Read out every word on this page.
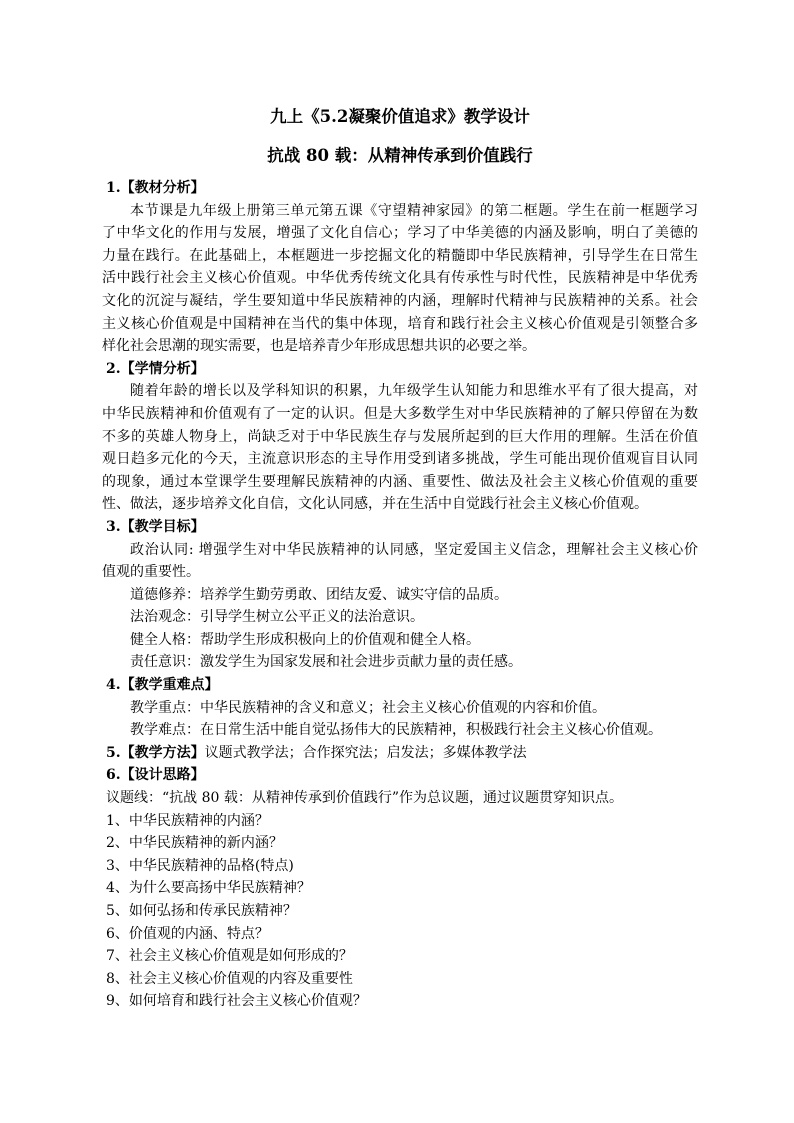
九上《5.2凝聚价值追求》教学设计
抗战 80 载：从精神传承到价值践行
1.【教材分析】
本节课是九年级上册第三单元第五课《守望精神家园》的第二框题。学生在前一框题学习
了中华文化的作用与发展，增强了文化自信心；学习了中华美德的内涵及影响，明白了美德的
力量在践行。在此基础上，本框题进一步挖掘文化的精髓即中华民族精神，引导学生在日常生
活中践行社会主义核心价值观。中华优秀传统文化具有传承性与时代性，民族精神是中华优秀
文化的沉淀与凝结，学生要知道中华民族精神的内涵，理解时代精神与民族精神的关系。社会
主义核心价值观是中国精神在当代的集中体现，培育和践行社会主义核心价值观是引领整合多
样化社会思潮的现实需要，也是培养青少年形成思想共识的必要之举。
2.【学情分析】
随着年龄的增长以及学科知识的积累，九年级学生认知能力和思维水平有了很大提高，对
中华民族精神和价值观有了一定的认识。但是大多数学生对中华民族精神的了解只停留在为数
不多的英雄人物身上，尚缺乏对于中华民族生存与发展所起到的巨大作用的理解。生活在价值
观日趋多元化的今天，主流意识形态的主导作用受到诸多挑战，学生可能出现价值观盲目认同
的现象，通过本堂课学生要理解民族精神的内涵、重要性、做法及社会主义核心价值观的重要
性、做法，逐步培养文化自信，文化认同感，并在生活中自觉践行社会主义核心价值观。
3.【教学目标】
政治认同: 增强学生对中华民族精神的认同感，坚定爱国主义信念，理解社会主义核心价
值观的重要性。
道德修养：培养学生勤劳勇敢、团结友爱、诚实守信的品质。
法治观念：引导学生树立公平正义的法治意识。
健全人格：帮助学生形成积极向上的价值观和健全人格。
责任意识：激发学生为国家发展和社会进步贡献力量的责任感。
4.【教学重难点】
教学重点：中华民族精神的含义和意义；社会主义核心价值观的内容和价值。
教学难点：在日常生活中能自觉弘扬伟大的民族精神，积极践行社会主义核心价值观。
5.【教学方法】议题式教学法；合作探究法；启发法；多媒体教学法
6.【设计思路】
议题线：“抗战 80 载：从精神传承到价值践行”作为总议题，通过议题贯穿知识点。
1、中华民族精神的内涵？
2、中华民族精神的新内涵？
3、中华民族精神的品格(特点)
4、为什么要高扬中华民族精神？
5、如何弘扬和传承民族精神？
6、价值观的内涵、特点？
7、社会主义核心价值观是如何形成的？
8、社会主义核心价值观的内容及重要性
9、如何培育和践行社会主义核心价值观？
